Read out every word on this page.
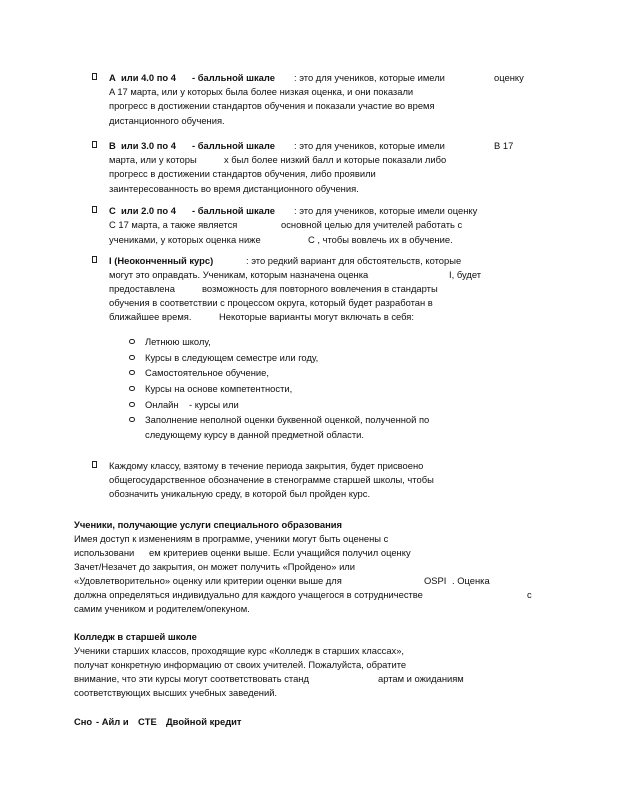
A или 4.0 по 4 - балльной шкале : это для учеников, которые имели	оценку
A 17 марта, или у которых была более низкая оценка, и они показали
прогресс в достижении стандартов обучения и показали участие во время
дистанционного обучения.
B или 3.0 по 4 - балльной шкале : это для учеников, которые имели	B 17
марта, или у которы	х был более низкий балл и которые показали либо
прогресс в достижении стандартов обучения, либо проявили
заинтересованность во время дистанционного обучения.
C или 2.0 по 4 - балльной шкале : это для учеников, которые имели оценку
C 17 марта, а также является	основной целью для учителей работать с
учениками, у которых оценка ниже	C , чтобы вовлечь их в обучение.
I (Неоконченный курс)	: это редкий вариант для обстоятельств, которые
могут это оправдать. Ученикам, которым назначена оценка	I, будет
предоставлена	возможность для повторного вовлечения в стандарты
обучения в соответствии с процессом округа, который будет разработан в
ближайшее время.	Некоторые варианты могут включать в себя:
Летнюю школу,
Курсы в следующем семестре или году,
Самостоятельное обучение,
Курсы на основе компетентности,
Онлайн - курсы или
Заполнение неполной оценки буквенной оценкой, полученной по
следующему курсу в данной предметной области.
Каждому классу, взятому в течение периода закрытия, будет присвоено
общегосударственное обозначение в стенограмме старшей школы, чтобы
обозначить уникальную среду, в которой был пройден курс.
Ученики, получающие услуги специального образования
Имея доступ к изменениям в программе, ученики могут быть оценены с
использовани ем критериев оценки выше. Если учащийся получил оценку
Зачет/Незачет до закрытия, он может получить «Пройдено» или
«Удовлетворительно» оценку или критерии оценки выше для	OSPI . Оценка
должна определяться индивидуально для каждого учащегося в сотрудничестве	с
самим учеником и родителем/опекуном.
Колледж в старшей школе
Ученики старших классов, проходящие курс «Колледж в старших классах»,
получат конкретную информацию от своих учителей. Пожалуйста, обратите
внимание, что эти курсы могут соответствовать станд	артам и ожиданиям
соответствующих высших учебных заведений.
Сно - Айл и CTE Двойной кредит
